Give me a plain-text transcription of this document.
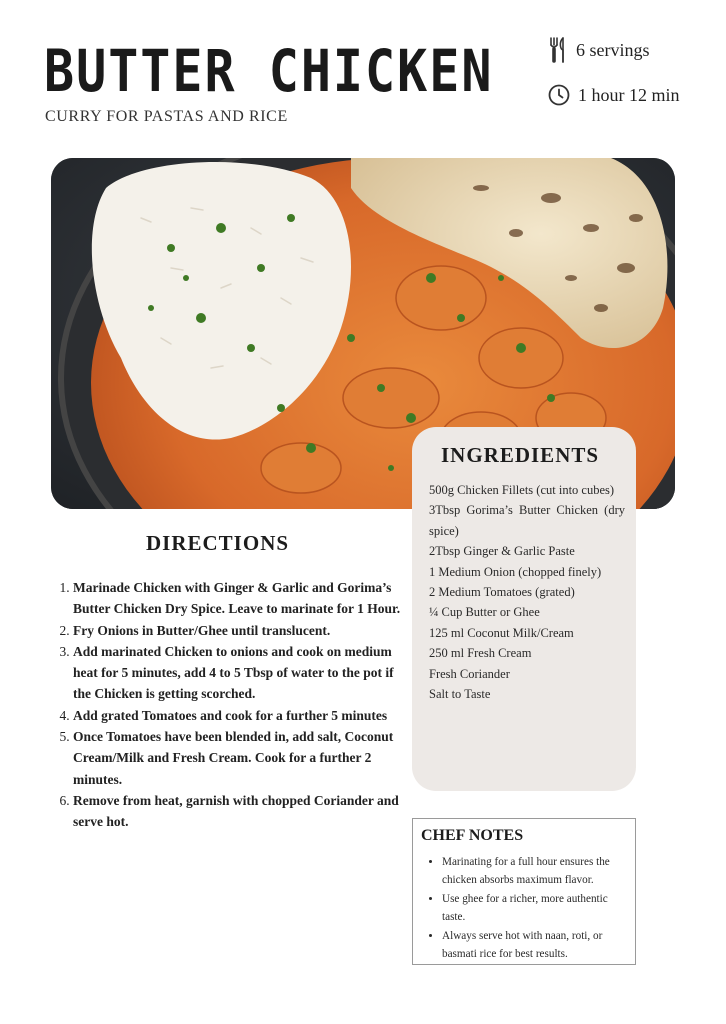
BUTTER CHICKEN
CURRY FOR PASTAS AND RICE
6 servings
1 hour 12 min
INGREDIENTS
500g Chicken Fillets (cut into cubes)
3Tbsp Gorima’s Butter Chicken (dry spice)
2Tbsp Ginger & Garlic Paste
1 Medium Onion (chopped finely)
2 Medium Tomatoes (grated)
¼ Cup Butter or Ghee
125 ml Coconut Milk/Cream
250 ml Fresh Cream
Fresh Coriander
Salt to Taste
DIRECTIONS
1. Marinade Chicken with Ginger & Garlic and Gorima’s Butter Chicken Dry Spice. Leave to marinate for 1 Hour.
2. Fry Onions in Butter/Ghee until translucent.
3. Add marinated Chicken to onions and cook on medium heat for 5 minutes, add 4 to 5 Tbsp of water to the pot if the Chicken is getting scorched.
4. Add grated Tomatoes and cook for a further 5 minutes
5. Once Tomatoes have been blended in, add salt, Coconut Cream/Milk and Fresh Cream. Cook for a further 2 minutes.
6. Remove from heat, garnish with chopped Coriander and serve hot.
CHEF NOTES
• Marinating for a full hour ensures the chicken absorbs maximum flavor.
• Use ghee for a richer, more authentic taste.
• Always serve hot with naan, roti, or basmati rice for best results.
